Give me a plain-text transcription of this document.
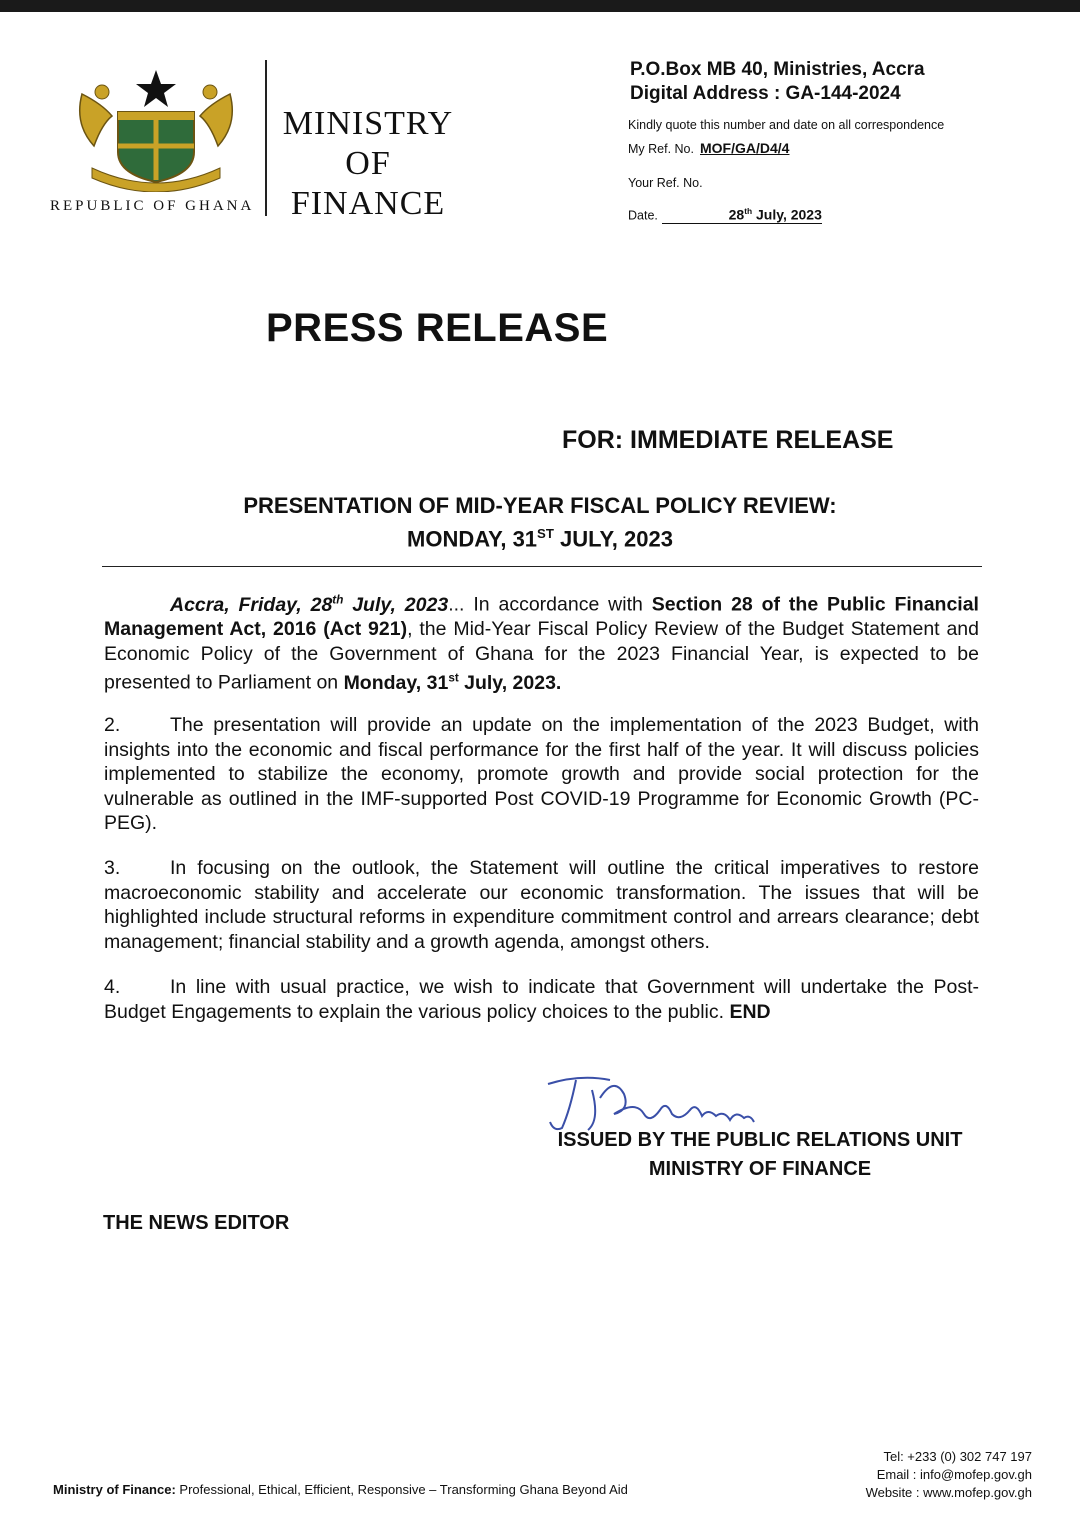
REPUBLIC OF GHANA
MINISTRY
OF
FINANCE
P.O.Box MB 40, Ministries, Accra
Digital Address : GA-144-2024
Kindly quote this number and date on all correspondence
My Ref. No. MOF/GA/D4/4
Your Ref. No.
Date.	28th July, 2023
PRESS RELEASE
FOR: IMMEDIATE RELEASE
PRESENTATION OF MID-YEAR FISCAL POLICY REVIEW:
MONDAY, 31ST JULY, 2023
Accra, Friday, 28th July, 2023... In accordance with Section 28 of the Public Financial Management Act, 2016 (Act 921), the Mid-Year Fiscal Policy Review of the Budget Statement and Economic Policy of the Government of Ghana for the 2023 Financial Year, is expected to be presented to Parliament on Monday, 31st July, 2023.
2.	The presentation will provide an update on the implementation of the 2023 Budget, with insights into the economic and fiscal performance for the first half of the year. It will discuss policies implemented to stabilize the economy, promote growth and provide social protection for the vulnerable as outlined in the IMF-supported Post COVID-19 Programme for Economic Growth (PC-PEG).
3.	In focusing on the outlook, the Statement will outline the critical imperatives to restore macroeconomic stability and accelerate our economic transformation. The issues that will be highlighted include structural reforms in expenditure commitment control and arrears clearance; debt management; financial stability and a growth agenda, amongst others.
4.	In line with usual practice, we wish to indicate that Government will undertake the Post-Budget Engagements to explain the various policy choices to the public. END
ISSUED BY THE PUBLIC RELATIONS UNIT
MINISTRY OF FINANCE
THE NEWS EDITOR
Ministry of Finance: Professional, Ethical, Efficient, Responsive – Transforming Ghana Beyond Aid
Tel: +233 (0) 302 747 197
Email : info@mofep.gov.gh
Website : www.mofep.gov.gh
